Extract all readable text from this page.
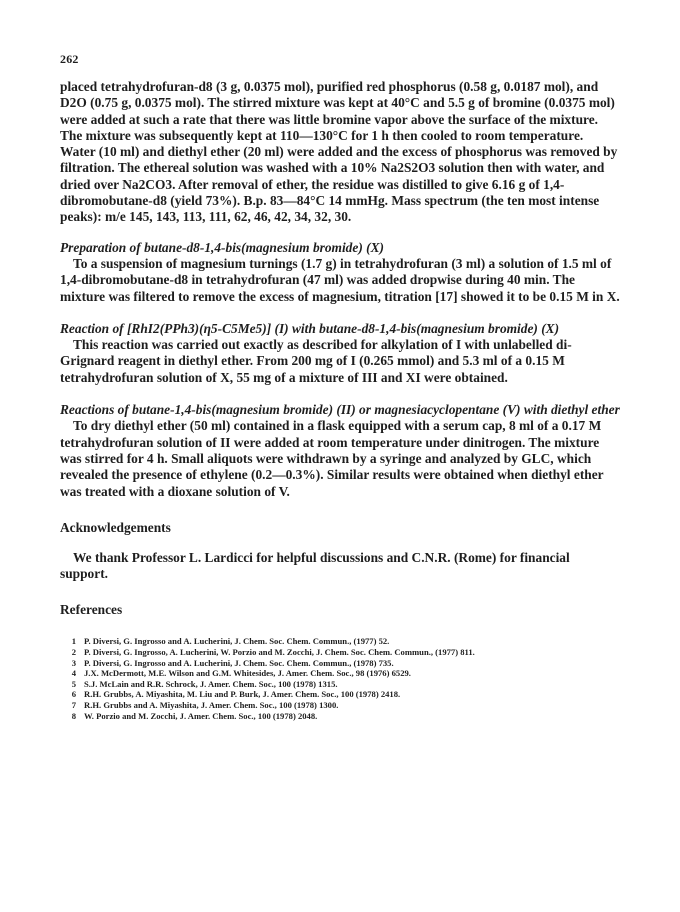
262

placed tetrahydrofuran-d8 (3 g, 0.0375 mol), purified red phosphorus (0.58 g, 0.0187 mol), and D2O (0.75 g, 0.0375 mol). The stirred mixture was kept at 40°C and 5.5 g of bromine (0.0375 mol) were added at such a rate that there was little bromine vapor above the surface of the mixture. The mixture was subsequently kept at 110—130°C for 1 h then cooled to room temperature. Water (10 ml) and diethyl ether (20 ml) were added and the excess of phosphorus was removed by filtration. The ethereal solution was washed with a 10% Na2S2O3 solution then with water, and dried over Na2CO3. After removal of ether, the residue was distilled to give 6.16 g of 1,4-dibromobutane-d8 (yield 73%). B.p. 83—84°C 14 mmHg. Mass spectrum (the ten most intense peaks): m/e 145, 143, 113, 111, 62, 46, 42, 34, 32, 30.

Preparation of butane-d8-1,4-bis(magnesium bromide) (X)

To a suspension of magnesium turnings (1.7 g) in tetrahydrofuran (3 ml) a solution of 1.5 ml of 1,4-dibromobutane-d8 in tetrahydrofuran (47 ml) was added dropwise during 40 min. The mixture was filtered to remove the excess of magnesium, titration [17] showed it to be 0.15 M in X.

Reaction of [RhI2(PPh3)(η5-C5Me5)] (I) with butane-d8-1,4-bis(magnesium bromide) (X)

This reaction was carried out exactly as described for alkylation of I with unlabelled di-Grignard reagent in diethyl ether. From 200 mg of I (0.265 mmol) and 5.3 ml of a 0.15 M tetrahydrofuran solution of X, 55 mg of a mixture of III and XI were obtained.

Reactions of butane-1,4-bis(magnesium bromide) (II) or magnesiacyclopentane (V) with diethyl ether

To dry diethyl ether (50 ml) contained in a flask equipped with a serum cap, 8 ml of a 0.17 M tetrahydrofuran solution of II were added at room temperature under dinitrogen. The mixture was stirred for 4 h. Small aliquots were withdrawn by a syringe and analyzed by GLC, which revealed the presence of ethylene (0.2—0.3%). Similar results were obtained when diethyl ether was treated with a dioxane solution of V.

Acknowledgements

We thank Professor L. Lardicci for helpful discussions and C.N.R. (Rome) for financial support.

References
1 P. Diversi, G. Ingrosso and A. Lucherini, J. Chem. Soc. Chem. Commun., (1977) 52.
2 P. Diversi, G. Ingrosso, A. Lucherini, W. Porzio and M. Zocchi, J. Chem. Soc. Chem. Commun., (1977) 811.
3 P. Diversi, G. Ingrosso and A. Lucherini, J. Chem. Soc. Chem. Commun., (1978) 735.
4 J.X. McDermott, M.E. Wilson and G.M. Whitesides, J. Amer. Chem. Soc., 98 (1976) 6529.
5 S.J. McLain and R.R. Schrock, J. Amer. Chem. Soc., 100 (1978) 1315.
6 R.H. Grubbs, A. Miyashita, M. Liu and P. Burk, J. Amer. Chem. Soc., 100 (1978) 2418.
7 R.H. Grubbs and A. Miyashita, J. Amer. Chem. Soc., 100 (1978) 1300.
8 W. Porzio and M. Zocchi, J. Amer. Chem. Soc., 100 (1978) 2048.
